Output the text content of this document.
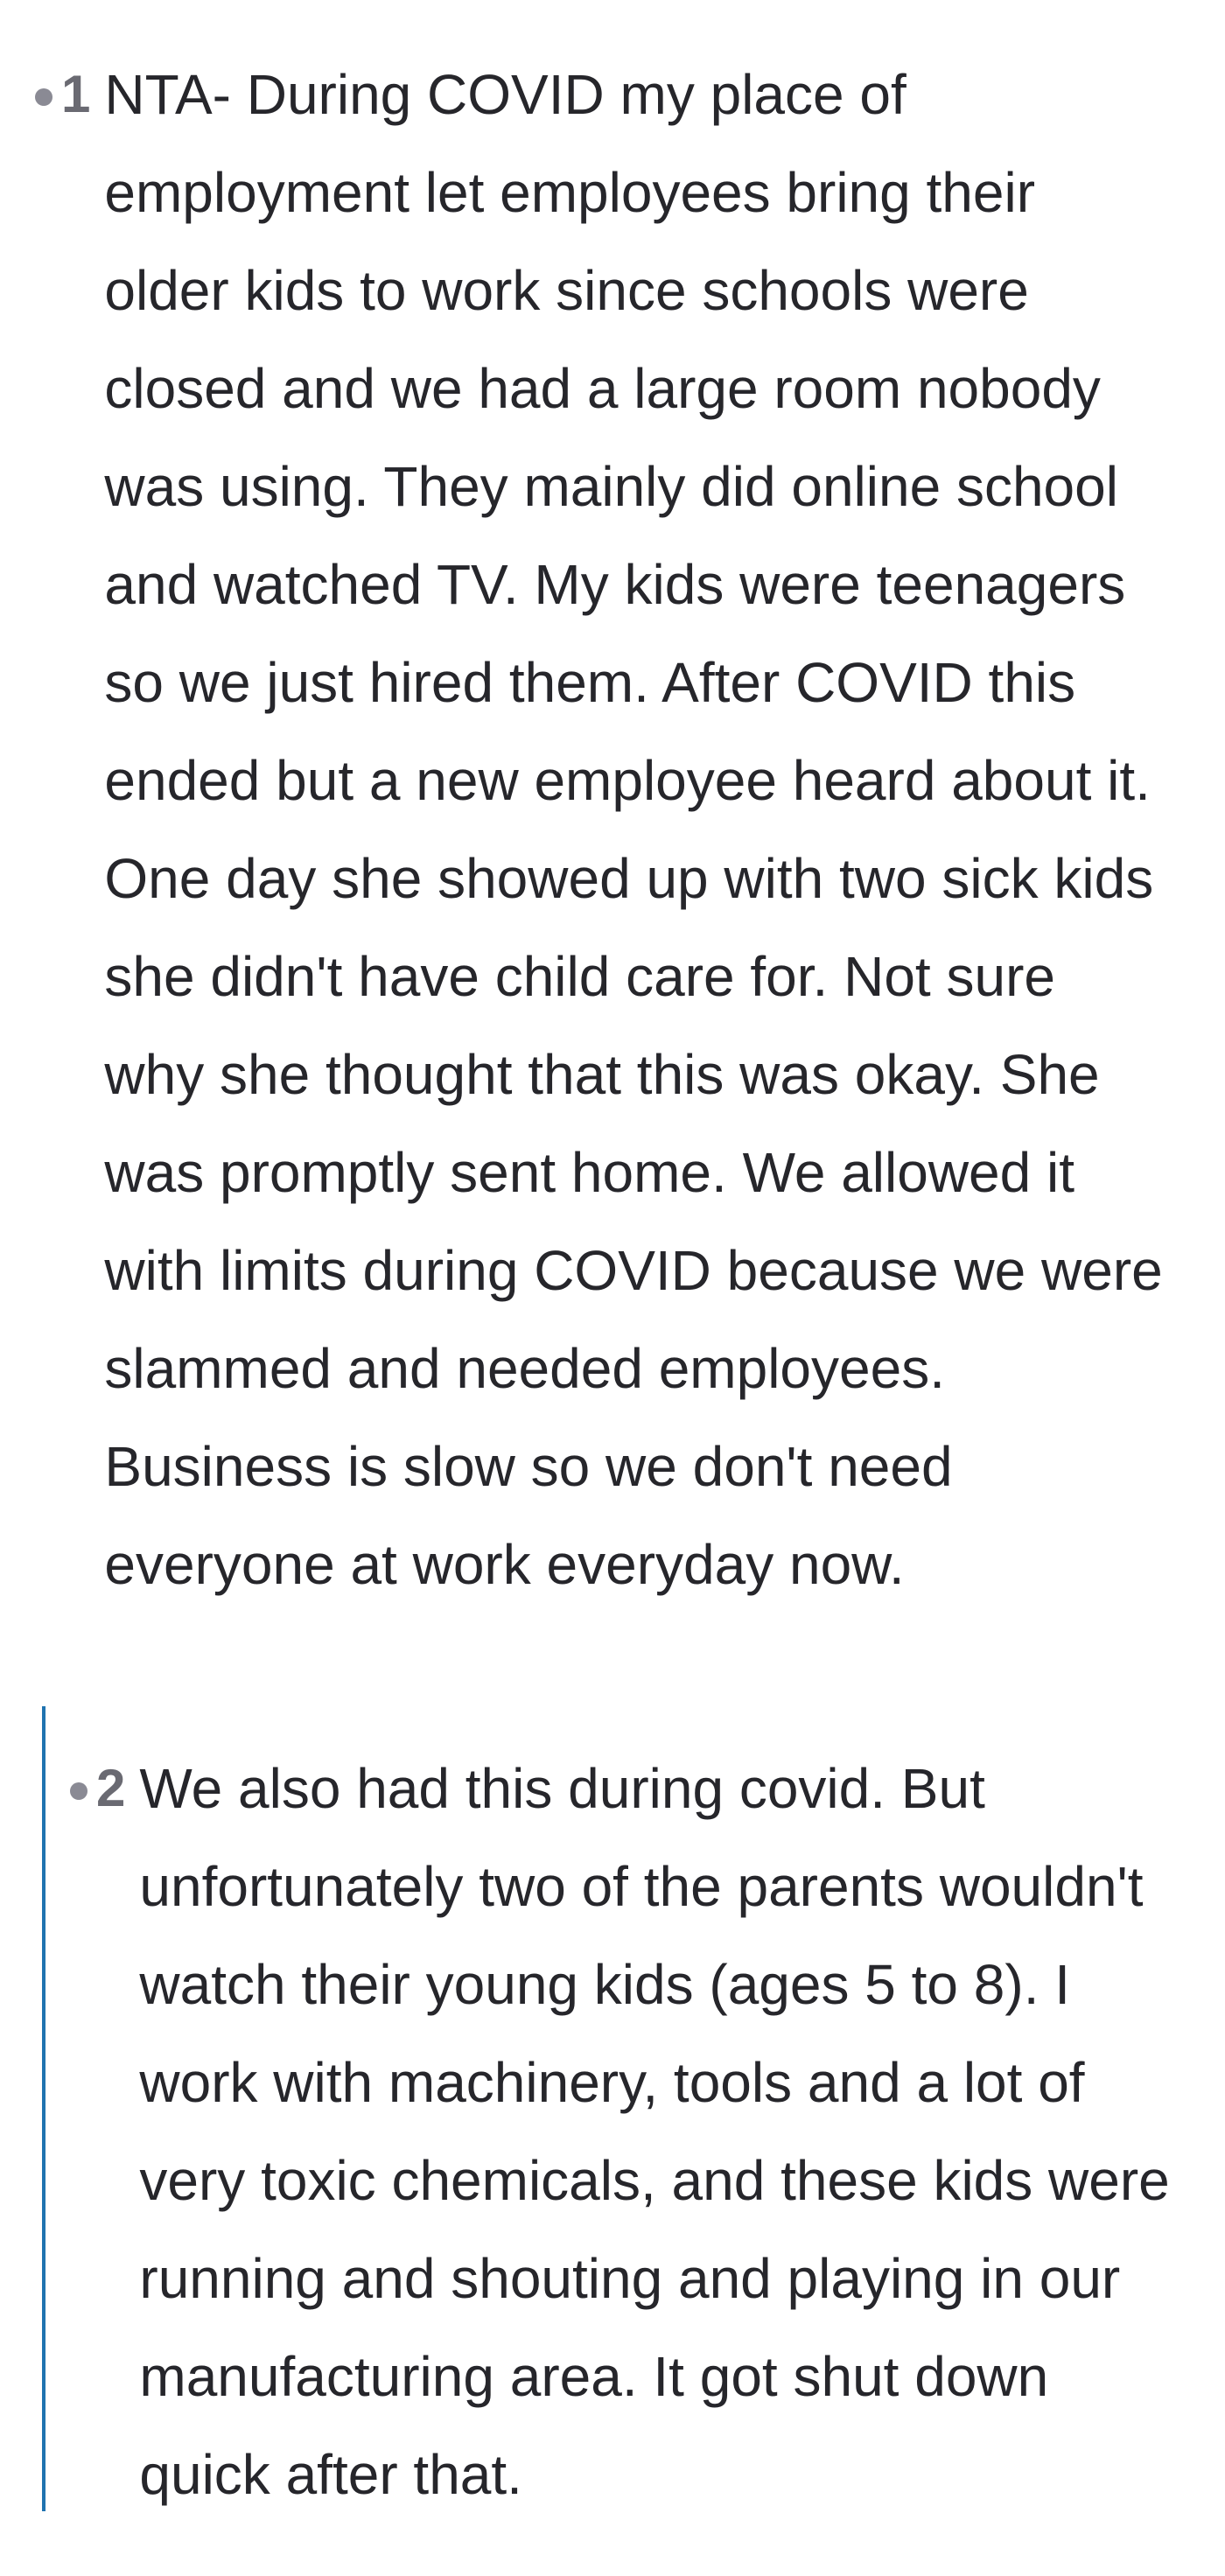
1 NTA- During COVID my place of employment let employees bring their older kids to work since schools were closed and we had a large room nobody was using. They mainly did online school and watched TV. My kids were teenagers so we just hired them. After COVID this ended but a new employee heard about it. One day she showed up with two sick kids she didn't have child care for. Not sure why she thought that this was okay. She was promptly sent home. We allowed it with limits during COVID because we were slammed and needed employees. Business is slow so we don't need everyone at work everyday now.
2 We also had this during covid. But unfortunately two of the parents wouldn't watch their young kids (ages 5 to 8). I work with machinery, tools and a lot of very toxic chemicals, and these kids were running and shouting and playing in our manufacturing area. It got shut down quick after that.
